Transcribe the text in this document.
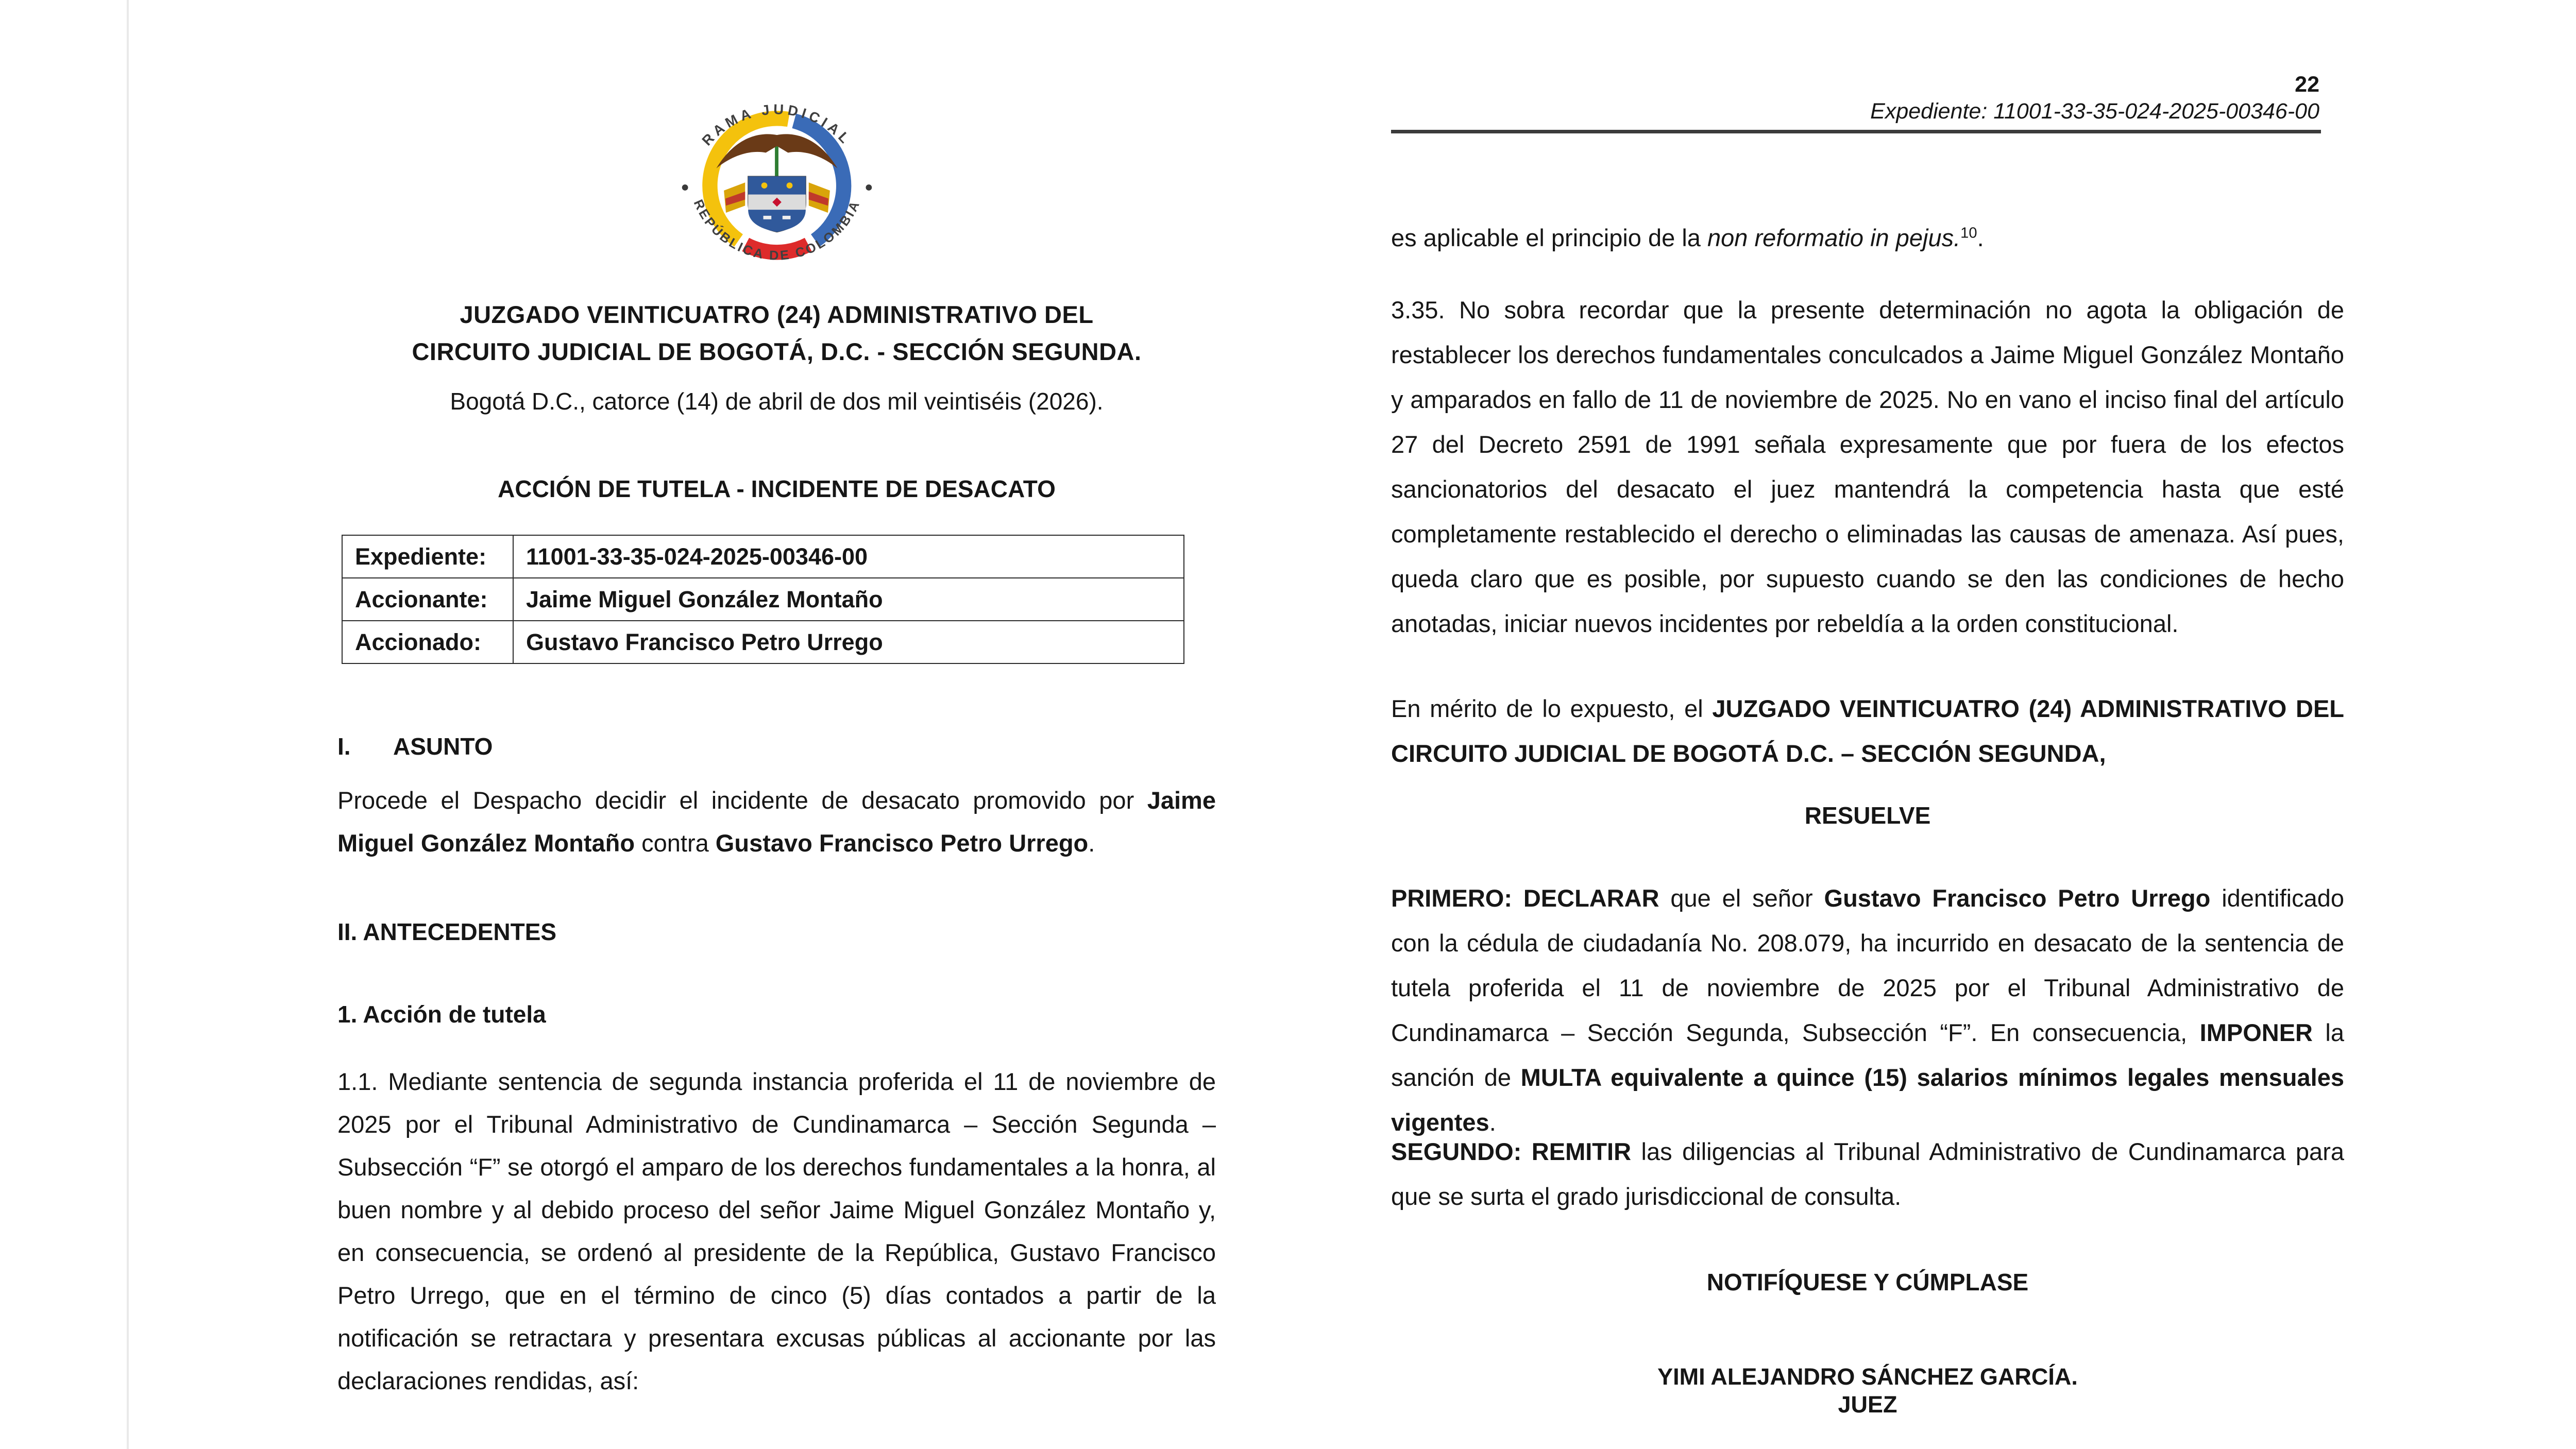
RAMA JUDICIAL
REPÚBLICA DE COLOMBIA
JUZGADO VEINTICUATRO (24) ADMINISTRATIVO DEL
CIRCUITO JUDICIAL DE BOGOTÁ, D.C. - SECCIÓN SEGUNDA.
Bogotá D.C., catorce (14) de abril de dos mil veintiséis (2026).
ACCIÓN DE TUTELA - INCIDENTE DE DESACATO
Expediente:	11001-33-35-024-2025-00346-00
Accionante:	Jaime Miguel González Montaño
Accionado:	Gustavo Francisco Petro Urrego
I.	ASUNTO
Procede el Despacho decidir el incidente de desacato promovido por Jaime Miguel González Montaño contra Gustavo Francisco Petro Urrego.
II. ANTECEDENTES
1. Acción de tutela
1.1. Mediante sentencia de segunda instancia proferida el 11 de noviembre de 2025 por el Tribunal Administrativo de Cundinamarca – Sección Segunda – Subsección “F” se otorgó el amparo de los derechos fundamentales a la honra, al buen nombre y al debido proceso del señor Jaime Miguel González Montaño y, en consecuencia, se ordenó al presidente de la República, Gustavo Francisco Petro Urrego, que en el término de cinco (5) días contados a partir de la notificación se retractara y presentara excusas públicas al accionante por las declaraciones rendidas, así:
22
Expediente: 11001-33-35-024-2025-00346-00
es aplicable el principio de la non reformatio in pejus.$^{10}$.
3.35. No sobra recordar que la presente determinación no agota la obligación de restablecer los derechos fundamentales conculcados a Jaime Miguel González Montaño y amparados en fallo de 11 de noviembre de 2025. No en vano el inciso final del artículo 27 del Decreto 2591 de 1991 señala expresamente que por fuera de los efectos sancionatorios del desacato el juez mantendrá la competencia hasta que esté completamente restablecido el derecho o eliminadas las causas de amenaza. Así pues, queda claro que es posible, por supuesto cuando se den las condiciones de hecho anotadas, iniciar nuevos incidentes por rebeldía a la orden constitucional.
En mérito de lo expuesto, el JUZGADO VEINTICUATRO (24) ADMINISTRATIVO DEL CIRCUITO JUDICIAL DE BOGOTÁ D.C. – SECCIÓN SEGUNDA,
RESUELVE
PRIMERO: DECLARAR que el señor Gustavo Francisco Petro Urrego identificado con la cédula de ciudadanía No. 208.079, ha incurrido en desacato de la sentencia de tutela proferida el 11 de noviembre de 2025 por el Tribunal Administrativo de Cundinamarca – Sección Segunda, Subsección “F”. En consecuencia, IMPONER la sanción de MULTA equivalente a quince (15) salarios mínimos legales mensuales vigentes.
SEGUNDO: REMITIR las diligencias al Tribunal Administrativo de Cundinamarca para que se surta el grado jurisdiccional de consulta.
NOTIFÍQUESE Y CÚMPLASE
YIMI ALEJANDRO SÁNCHEZ GARCÍA.
JUEZ
